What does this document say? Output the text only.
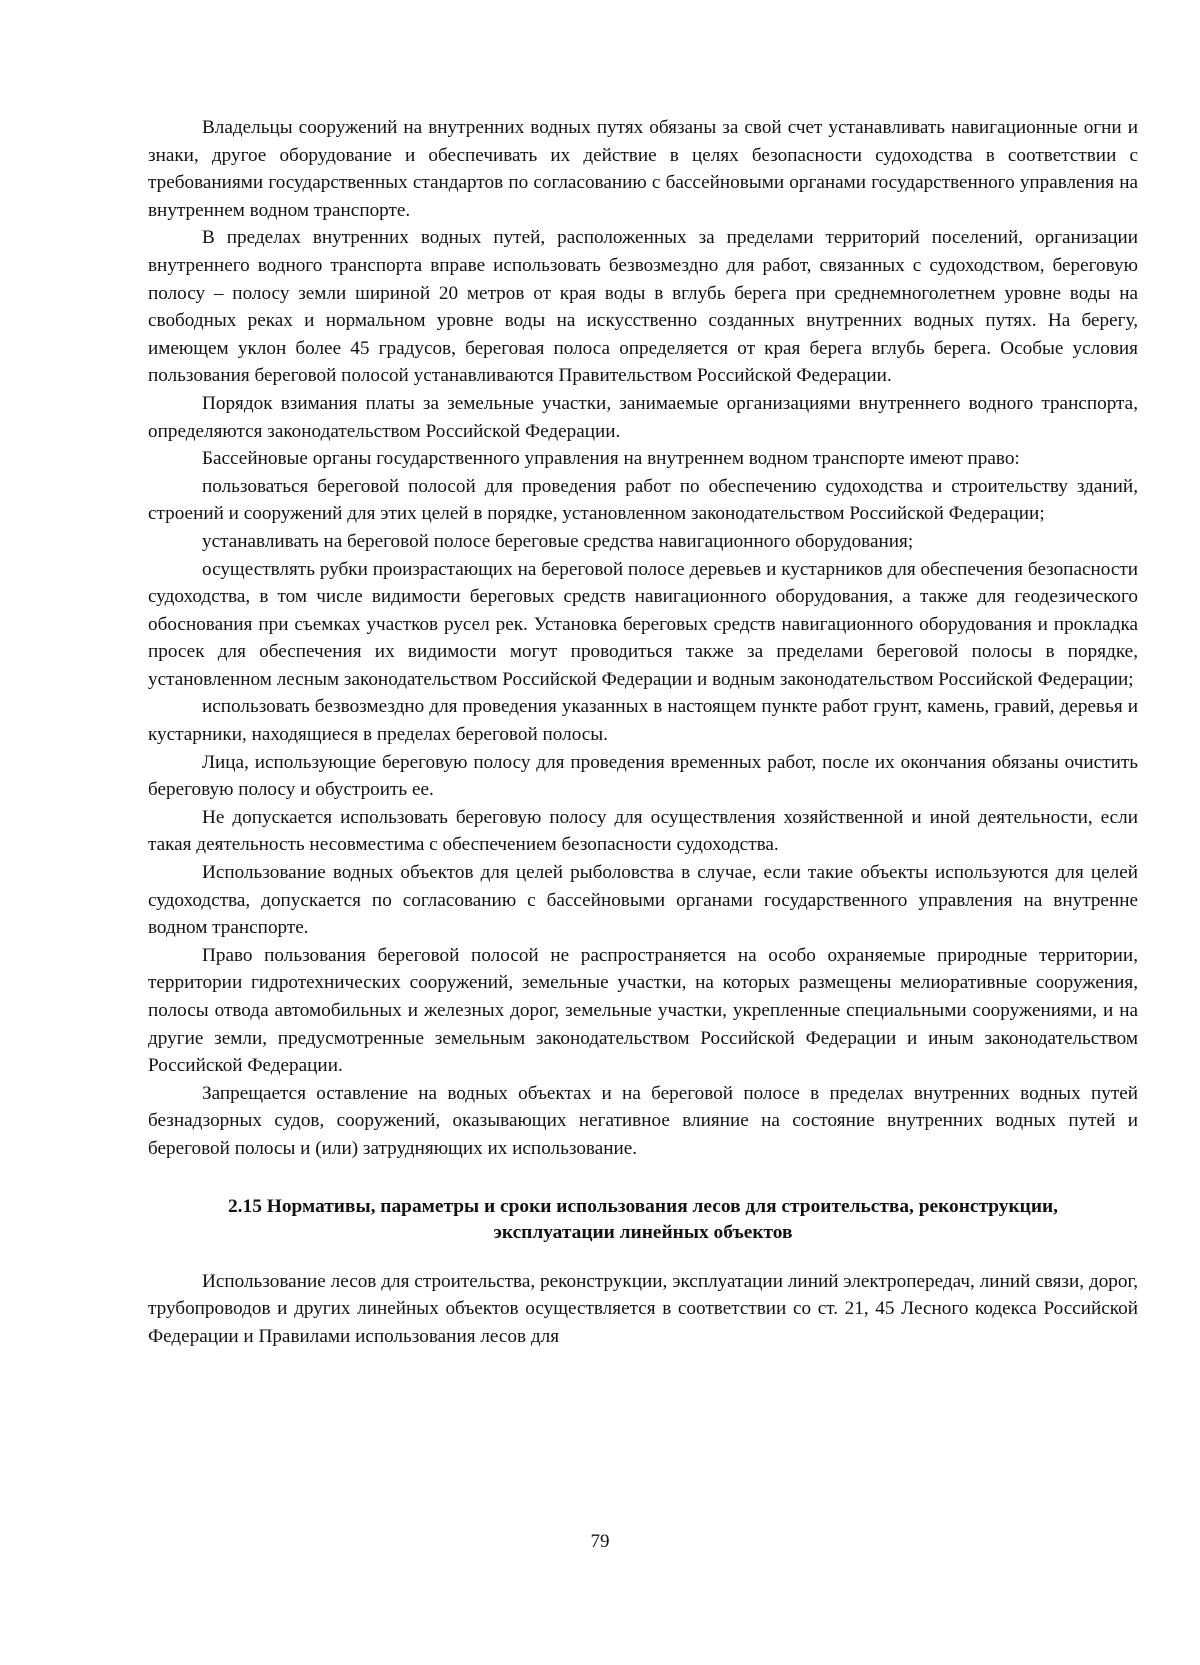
Владельцы сооружений на внутренних водных путях обязаны за свой счет устанавливать навигационные огни и знаки, другое оборудование и обеспечивать их действие в целях безопасности судоходства в соответствии с требованиями государственных стандартов по согласованию с бассейновыми органами государственного управления на внутреннем водном транспорте.

В пределах внутренних водных путей, расположенных за пределами территорий поселений, организации внутреннего водного транспорта вправе использовать безвозмездно для работ, связанных с судоходством, береговую полосу – полосу земли шириной 20 метров от края воды в вглубь берега при среднемноголетнем уровне воды на свободных реках и нормальном уровне воды на искусственно созданных внутренних водных путях. На берегу, имеющем уклон более 45 градусов, береговая полоса определяется от края берега вглубь берега. Особые условия пользования береговой полосой устанавливаются Правительством Российской Федерации.

Порядок взимания платы за земельные участки, занимаемые организациями внутреннего водного транспорта, определяются законодательством Российской Федерации.

Бассейновые органы государственного управления на внутреннем водном транспорте имеют право:

пользоваться береговой полосой для проведения работ по обеспечению судоходства и строительству зданий, строений и сооружений для этих целей в порядке, установленном законодательством Российской Федерации;

устанавливать на береговой полосе береговые средства навигационного оборудования;

осуществлять рубки произрастающих на береговой полосе деревьев и кустарников для обеспечения безопасности судоходства, в том числе видимости береговых средств навигационного оборудования, а также для геодезического обоснования при съемках участков русел рек. Установка береговых средств навигационного оборудования и прокладка просек для обеспечения их видимости могут проводиться также за пределами береговой полосы в порядке, установленном лесным законодательством Российской Федерации и водным законодательством Российской Федерации;

использовать безвозмездно для проведения указанных в настоящем пункте работ грунт, камень, гравий, деревья и кустарники, находящиеся в пределах береговой полосы.

Лица, использующие береговую полосу для проведения временных работ, после их окончания обязаны очистить береговую полосу и обустроить ее.

Не допускается использовать береговую полосу для осуществления хозяйственной и иной деятельности, если такая деятельность несовместима с обеспечением безопасности судоходства.

Использование водных объектов для целей рыболовства в случае, если такие объекты используются для целей судоходства, допускается по согласованию с бассейновыми органами государственного управления на внутренне водном транспорте.

Право пользования береговой полосой не распространяется на особо охраняемые природные территории, территории гидротехнических сооружений, земельные участки, на которых размещены мелиоративные сооружения, полосы отвода автомобильных и железных дорог, земельные участки, укрепленные специальными сооружениями, и на другие земли, предусмотренные земельным законодательством Российской Федерации и иным законодательством Российской Федерации.

Запрещается оставление на водных объектах и на береговой полосе в пределах внутренних водных путей безнадзорных судов, сооружений, оказывающих негативное влияние на состояние внутренних водных путей и береговой полосы и (или) затрудняющих их использование.

2.15 Нормативы, параметры и сроки использования лесов для строительства, реконструкции, эксплуатации линейных объектов

Использование лесов для строительства, реконструкции, эксплуатации линий электропередач, линий связи, дорог, трубопроводов и других линейных объектов осуществляется в соответствии со ст. 21, 45 Лесного кодекса Российской Федерации и Правилами использования лесов для

79
